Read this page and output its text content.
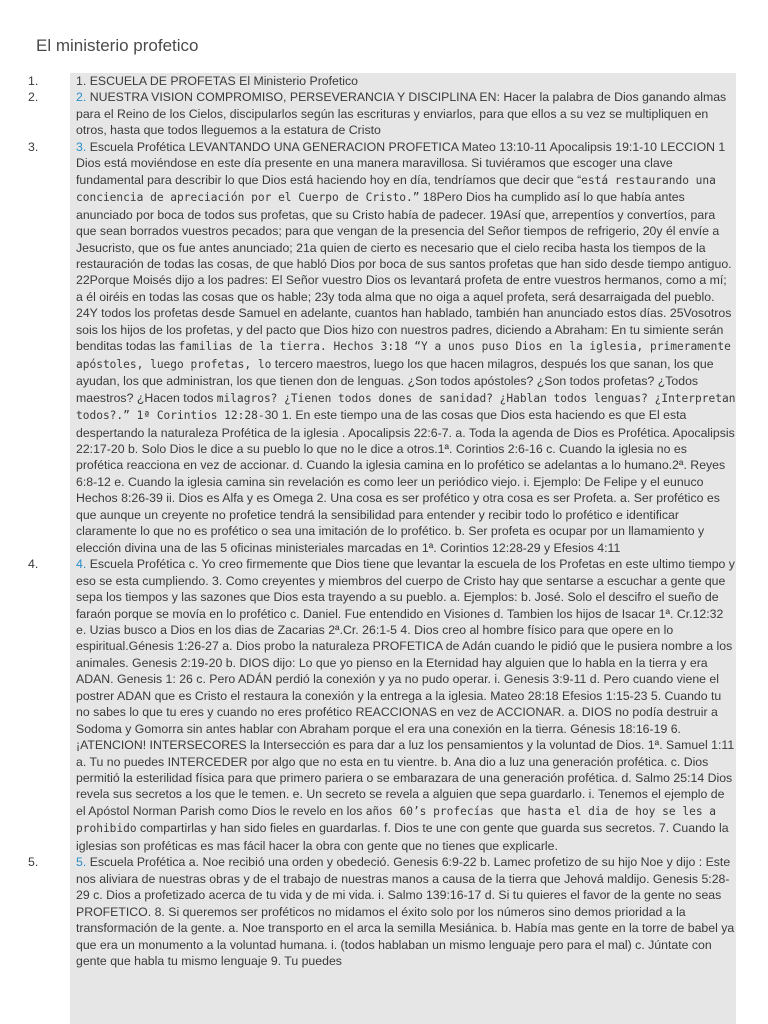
El ministerio profetico
1.	1. ESCUELA DE PROFETAS El Ministerio Profetico
2.	2. NUESTRA VISION COMPROMISO, PERSEVERANCIA Y DISCIPLINA EN: Hacer la palabra de Dios ganando almas para el Reino de los Cielos, discipularlos según las escrituras y enviarlos, para que ellos a su vez se multipliquen en otros, hasta que todos lleguemos a la estatura de Cristo
3.	3. Escuela Profética LEVANTANDO UNA GENERACION PROFETICA Mateo 13:10-11 Apocalipsis 19:1-10 LECCION 1 Dios está moviéndose en este día presente en una manera maravillosa. Si tuviéramos que escoger una clave fundamental para describir lo que Dios está haciendo hoy en día, tendríamos que decir que “está restaurando una conciencia de apreciación por el Cuerpo de Cristo.” 18Pero Dios ha cumplido así lo que había antes anunciado por boca de todos sus profetas, que su Cristo había de padecer. 19Así que, arrepentíos y convertíos, para que sean borrados vuestros pecados; para que vengan de la presencia del Señor tiempos de refrigerio, 20y él envíe a Jesucristo, que os fue antes anunciado; 21a quien de cierto es necesario que el cielo reciba hasta los tiempos de la restauración de todas las cosas, de que habló Dios por boca de sus santos profetas que han sido desde tiempo antiguo. 22Porque Moisés dijo a los padres: El Señor vuestro Dios os levantará profeta de entre vuestros hermanos, como a mí; a él oiréis en todas las cosas que os hable; 23y toda alma que no oiga a aquel profeta, será desarraigada del pueblo. 24Y todos los profetas desde Samuel en adelante, cuantos han hablado, también han anunciado estos días. 25Vosotros sois los hijos de los profetas, y del pacto que Dios hizo con nuestros padres, diciendo a Abraham: En tu simiente serán benditas todas las familias de la tierra. Hechos 3:18 “Y a unos puso Dios en la iglesia, primeramente apóstoles, luego profetas, lo tercero maestros, luego los que hacen milagros, después los que sanan, los que ayudan, los que administran, los que tienen don de lenguas. ¿Son todos apóstoles? ¿Son todos profetas? ¿Todos maestros? ¿Hacen todos milagros? ¿Tienen todos dones de sanidad? ¿Hablan todos lenguas? ¿Interpretan todos?.” 1ª Corintios 12:28-30 1. En este tiempo una de las cosas que Dios esta haciendo es que El esta despertando la naturaleza Profética de la iglesia . Apocalipsis 22:6-7. a. Toda la agenda de Dios es Profética. Apocalipsis 22:17-20 b. Solo Dios le dice a su pueblo lo que no le dice a otros.1ª. Corintios 2:6-16 c. Cuando la iglesia no es profética reacciona en vez de accionar. d. Cuando la iglesia camina en lo profético se adelantas a lo humano.2ª. Reyes 6:8-12 e. Cuando la iglesia camina sin revelación es como leer un periódico viejo. i. Ejemplo: De Felipe y el eunuco Hechos 8:26-39 ii. Dios es Alfa y es Omega 2. Una cosa es ser profético y otra cosa es ser Profeta. a. Ser profético es que aunque un creyente no profetice tendrá la sensibilidad para entender y recibir todo lo profético e identificar claramente lo que no es profético o sea una imitación de lo profético. b. Ser profeta es ocupar por un llamamiento y elección divina una de las 5 oficinas ministeriales marcadas en 1ª. Corintios 12:28-29 y Efesios 4:11
4.	4. Escuela Profética c. Yo creo firmemente que Dios tiene que levantar la escuela de los Profetas en este ultimo tiempo y eso se esta cumpliendo. 3. Como creyentes y miembros del cuerpo de Cristo hay que sentarse a escuchar a gente que sepa los tiempos y las sazones que Dios esta trayendo a su pueblo. a. Ejemplos: b. José. Solo el descifro el sueño de faraón porque se movía en lo profético c. Daniel. Fue entendido en Visiones d. Tambien los hijos de Isacar 1ª. Cr.12:32 e. Uzias busco a Dios en los dias de Zacarias 2ª.Cr. 26:1-5 4. Dios creo al hombre físico para que opere en lo espiritual.Génesis 1:26-27 a. Dios probo la naturaleza PROFETICA de Adán cuando le pidió que le pusiera nombre a los animales. Genesis 2:19-20 b. DIOS dijo: Lo que yo pienso en la Eternidad hay alguien que lo habla en la tierra y era ADAN. Genesis 1: 26 c. Pero ADÁN perdió la conexión y ya no pudo operar. i. Genesis 3:9-11 d. Pero cuando viene el postrer ADAN que es Cristo el restaura la conexión y la entrega a la iglesia. Mateo 28:18 Efesios 1:15-23 5. Cuando tu no sabes lo que tu eres y cuando no eres profético REACCIONAS en vez de ACCIONAR. a. DIOS no podía destruir a Sodoma y Gomorra sin antes hablar con Abraham porque el era una conexión en la tierra. Génesis 18:16-19 6. ¡ATENCION! INTERSECORES la Intersección es para dar a luz los pensamientos y la voluntad de Dios. 1ª. Samuel 1:11 a. Tu no puedes INTERCEDER por algo que no esta en tu vientre. b. Ana dio a luz una generación profética. c. Dios permitió la esterilidad física para que primero pariera o se embarazara de una generación profética. d. Salmo 25:14 Dios revela sus secretos a los que le temen. e. Un secreto se revela a alguien que sepa guardarlo. i. Tenemos el ejemplo de el Apóstol Norman Parish como Dios le revelo en los años 60’s profecías que hasta el dia de hoy se les a prohibido compartirlas y han sido fieles en guardarlas. f. Dios te une con gente que guarda sus secretos. 7. Cuando la iglesias son proféticas es mas fácil hacer la obra con gente que no tienes que explicarle.
5.	5. Escuela Profética a. Noe recibió una orden y obedeció. Genesis 6:9-22 b. Lamec profetizo de su hijo Noe y dijo : Este nos aliviara de nuestras obras y de el trabajo de nuestras manos a causa de la tierra que Jehová maldijo. Genesis 5:28-29 c. Dios a profetizado acerca de tu vida y de mi vida. i. Salmo 139:16-17 d. Si tu quieres el favor de la gente no seas PROFETICO. 8. Si queremos ser proféticos no midamos el éxito solo por los números sino demos prioridad a la transformación de la gente. a. Noe transporto en el arca la semilla Mesiánica. b. Había mas gente en la torre de babel ya que era un monumento a la voluntad humana. i. (todos hablaban un mismo lenguaje pero para el mal) c. Júntate con gente que habla tu mismo lenguaje 9. Tu puedes
